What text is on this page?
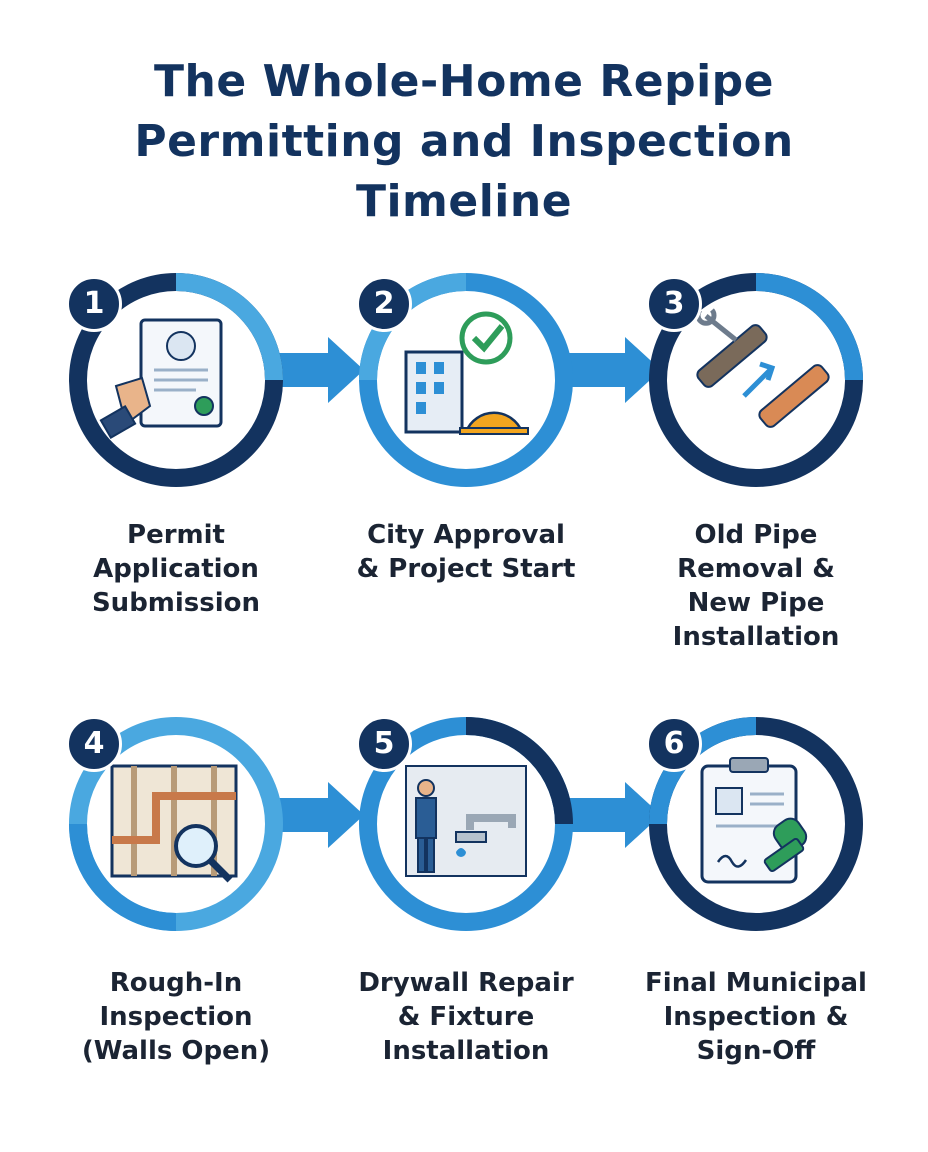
The Whole-Home Repipe
Permitting and Inspection
Timeline
1
Permit
Application
Submission
2
City Approval
& Project Start
3
Old Pipe
Removal &
New Pipe
Installation
4
Rough-In
Inspection
(Walls Open)
5
Drywall Repair
& Fixture
Installation
6
Final Municipal
Inspection &
Sign-Off
